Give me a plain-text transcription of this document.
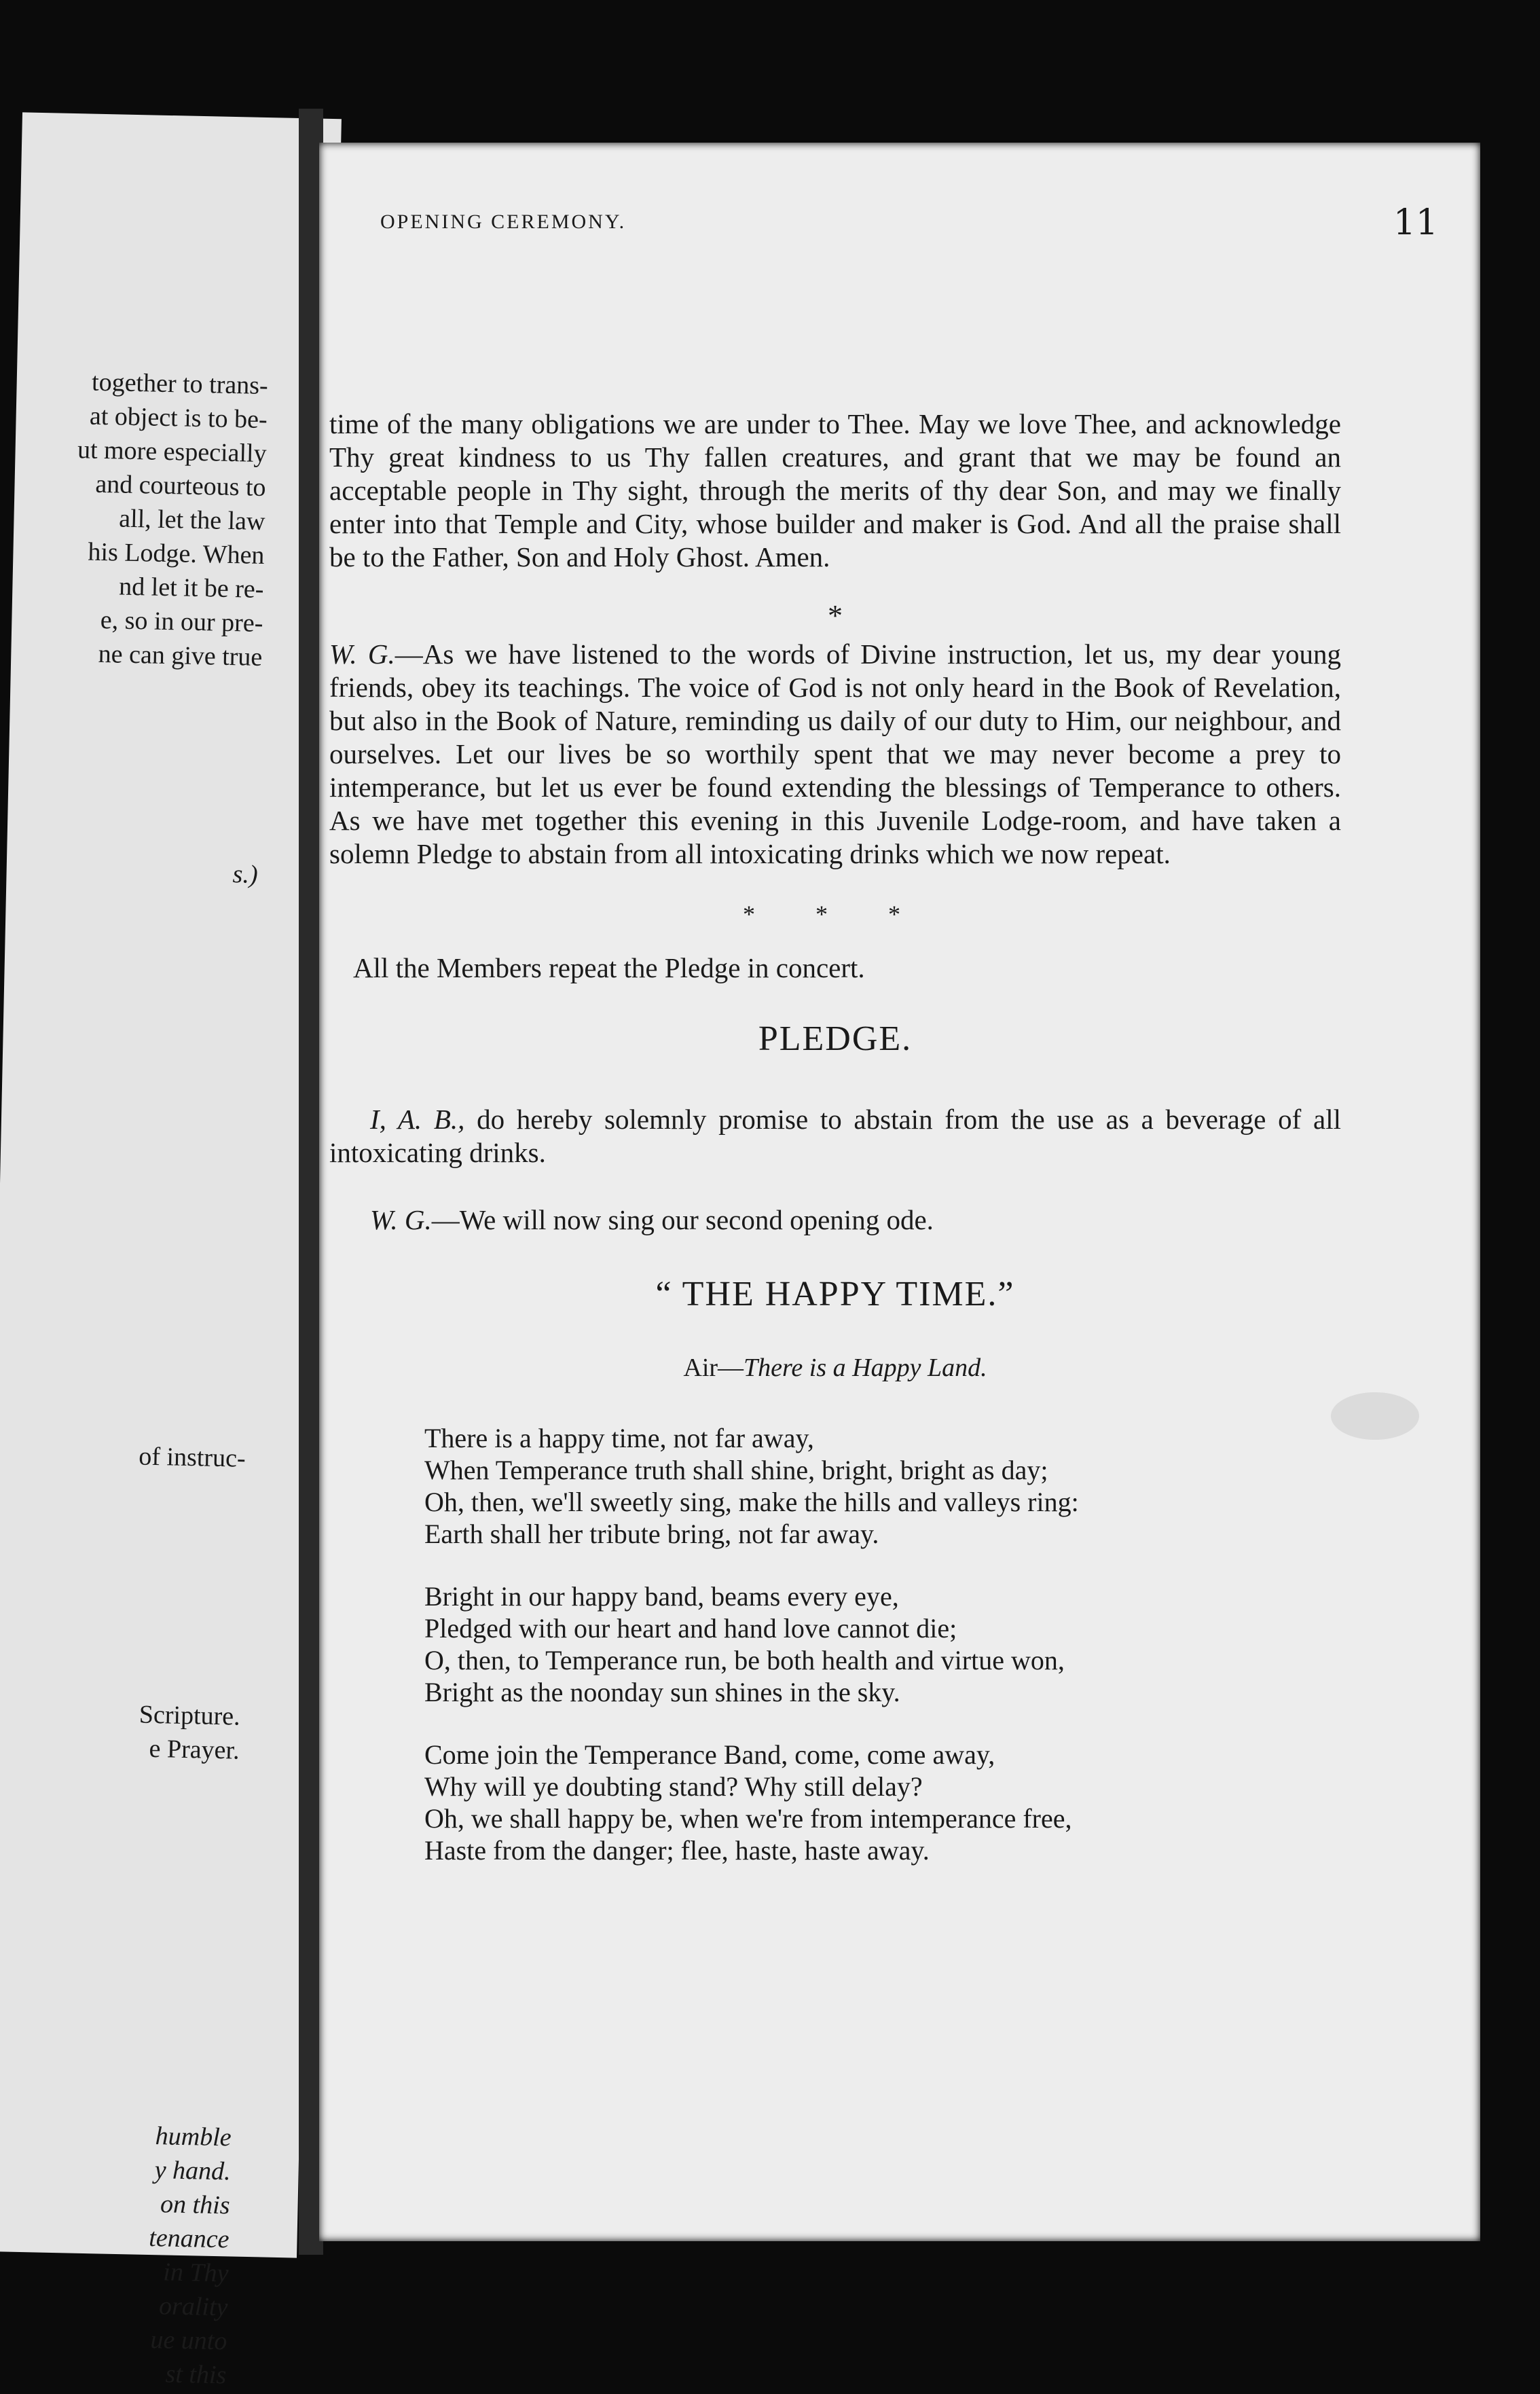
together to trans-
at object is to be-
ut more especially
and courteous to
all, let the law
his Lodge. When
nd let it be re-
e, so in our pre-
ne can give true
s.)
of instruc-
Scripture.
e Prayer.
humble
y hand.
on this
tenance
in Thy
orality
ue unto
st this
OPENING CEREMONY.	11

time of the many obligations we are under to Thee. May we love Thee, and acknowledge Thy great kindness to us Thy fallen creatures, and grant that we may be found an acceptable people in Thy sight, through the merits of thy dear Son, and may we finally enter into that Temple and City, whose builder and maker is God. And all the praise shall be to the Father, Son and Holy Ghost. Amen.

*

W. G.—As we have listened to the words of Divine instruction, let us, my dear young friends, obey its teachings. The voice of God is not only heard in the Book of Revelation, but also in the Book of Nature, reminding us daily of our duty to Him, our neighbour, and ourselves. Let our lives be so worthily spent that we may never become a prey to intemperance, but let us ever be found extending the blessings of Temperance to others. As we have met together this evening in this Juvenile Lodge-room, and have taken a solemn Pledge to abstain from all intoxicating drinks which we now repeat.

* * *

All the Members repeat the Pledge in concert.

PLEDGE.

I, A. B., do hereby solemnly promise to abstain from the use as a beverage of all intoxicating drinks.

W. G.—We will now sing our second opening ode.

“ THE HAPPY TIME.”
Air—There is a Happy Land.
There is a happy time, not far away,
When Temperance truth shall shine, bright, bright as day;
Oh, then, we'll sweetly sing, make the hills and valleys ring:
Earth shall her tribute bring, not far away.
Bright in our happy band, beams every eye,
Pledged with our heart and hand love cannot die;
O, then, to Temperance run, be both health and virtue won,
Bright as the noonday sun shines in the sky.
Come join the Temperance Band, come, come away,
Why will ye doubting stand? Why still delay?
Oh, we shall happy be, when we're from intemperance free,
Haste from the danger; flee, haste, haste away.
